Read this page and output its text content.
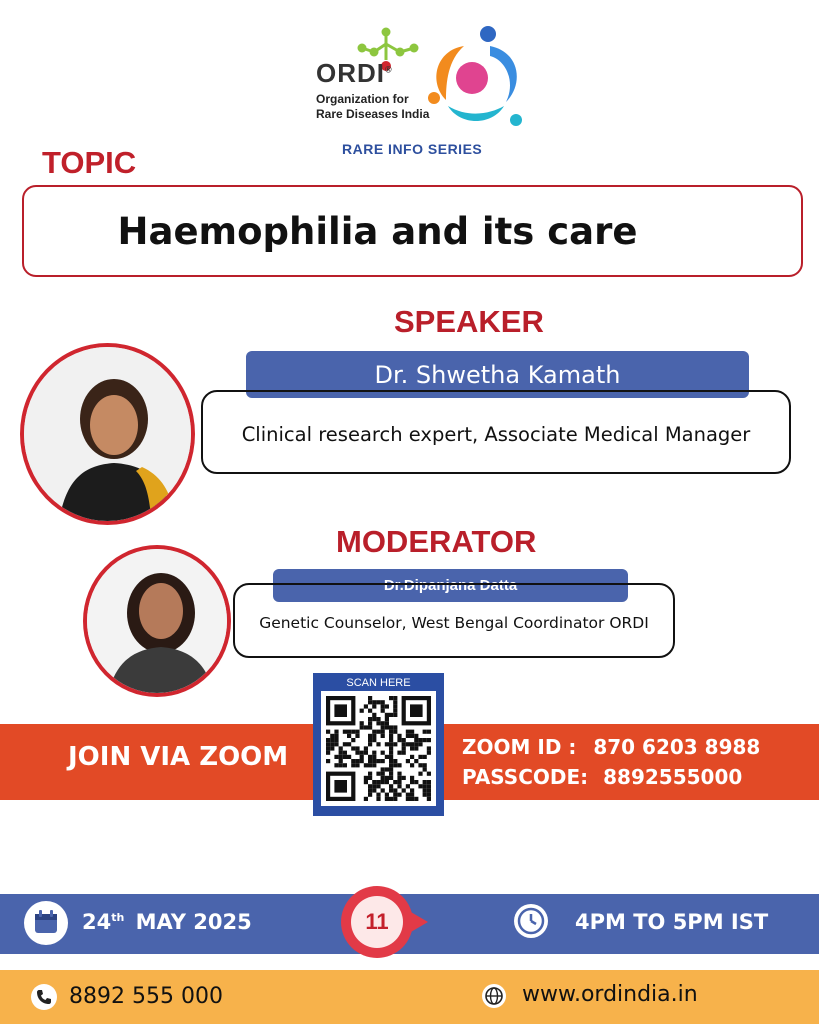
ORDI®
Organization for
Rare Diseases India
RARE INFO SERIES
TOPIC
Haemophilia and its care
SPEAKER
Dr. Shwetha Kamath
Clinical research expert, Associate Medical Manager
MODERATOR
Dr.Dipanjana Datta
Genetic Counselor, West Bengal Coordinator ORDI
JOIN VIA ZOOM
SCAN HERE
ZOOM ID : 870 6203 8988
PASSCODE: 8892555000
24th MAY 2025	11	4PM TO 5PM IST
8892 555 000	www.ordindia.in
